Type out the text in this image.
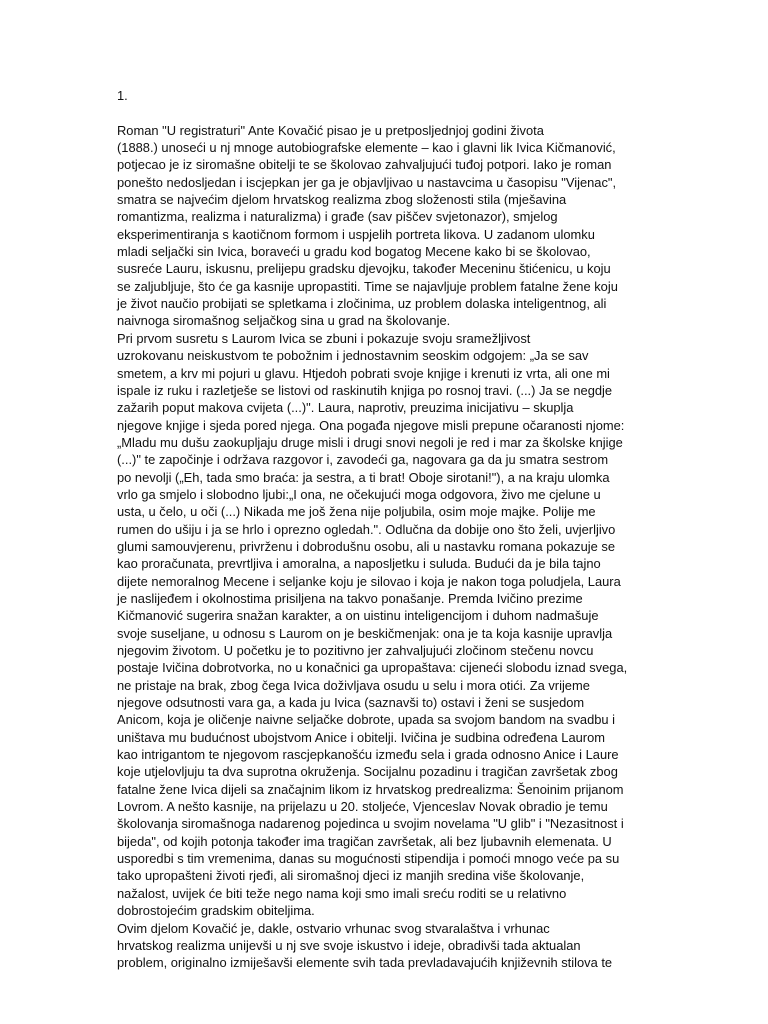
1.
Roman "U registraturi" Ante Kovačić pisao je u pretposljednjoj godini života
(1888.) unoseći u nj mnoge autobiografske elemente – kao i glavni lik Ivica Kičmanović,
potjecao je iz siromašne obitelji te se školovao zahvaljujući tuđoj potpori. Iako je roman
ponešto nedosljedan i iscjepkan jer ga je objavljivao u nastavcima u časopisu "Vijenac",
smatra se najvećim djelom hrvatskog realizma zbog složenosti stila (mješavina
romantizma, realizma i naturalizma) i građe (sav piščev svjetonazor), smjelog
eksperimentiranja s kaotičnom formom i uspjelih portreta likova. U zadanom ulomku
mladi seljački sin Ivica, boraveći u gradu kod bogatog Mecene kako bi se školovao,
susreće Lauru, iskusnu, prelijepu gradsku djevojku, također Meceninu štićenicu, u koju
se zaljubljuje, što će ga kasnije upropastiti. Time se najavljuje problem fatalne žene koju
je život naučio probijati se spletkama i zločinima, uz problem dolaska inteligentnog, ali
naivnoga siromašnog seljačkog sina u grad na školovanje.
Pri prvom susretu s Laurom Ivica se zbuni i pokazuje svoju sramežljivost
uzrokovanu neiskustvom te pobožnim i jednostavnim seoskim odgojem: „Ja se sav
smetem, a krv mi pojuri u glavu. Htjedoh pobrati svoje knjige i krenuti iz vrta, ali one mi
ispale iz ruku i razletješe se listovi od raskinutih knjiga po rosnoj travi. (...) Ja se negdje
zažarih poput makova cvijeta (...)". Laura, naprotiv, preuzima inicijativu – skuplja
njegove knjige i sjeda pored njega. Ona pogađa njegove misli prepune očaranosti njome:
„Mladu mu dušu zaokupljaju druge misli i drugi snovi negoli je red i mar za školske knjige
(...)" te započinje i održava razgovor i, zavodeći ga, nagovara ga da ju smatra sestrom
po nevolji („Eh, tada smo braća: ja sestra, a ti brat! Oboje sirotani!"), a na kraju ulomka
vrlo ga smjelo i slobodno ljubi:„I ona, ne očekujući moga odgovora, živo me cjelune u
usta, u čelo, u oči (...) Nikada me još žena nije poljubila, osim moje majke. Polije me
rumen do ušiju i ja se hrlo i oprezno ogledah.". Odlučna da dobije ono što želi, uvjerljivo
glumi samouvjerenu, privrženu i dobrodušnu osobu, ali u nastavku romana pokazuje se
kao proračunata, prevrtljiva i amoralna, a naposljetku i suluda. Budući da je bila tajno
dijete nemoralnog Mecene i seljanke koju je silovao i koja je nakon toga poludjela, Laura
je naslijeđem i okolnostima prisiljena na takvo ponašanje. Premda Ivičino prezime
Kičmanović sugerira snažan karakter, a on uistinu inteligencijom i duhom nadmašuje
svoje suseljane, u odnosu s Laurom on je beskičmenjak: ona je ta koja kasnije upravlja
njegovim životom. U početku je to pozitivno jer zahvaljujući zločinom stečenu novcu
postaje Ivičina dobrotvorka, no u konačnici ga upropaštava: cijeneći slobodu iznad svega,
ne pristaje na brak, zbog čega Ivica doživljava osudu u selu i mora otići. Za vrijeme
njegove odsutnosti vara ga, a kada ju Ivica (saznavši to) ostavi i ženi se susjedom
Anicom, koja je oličenje naivne seljačke dobrote, upada sa svojom bandom na svadbu i
uništava mu budućnost ubojstvom Anice i obitelji. Ivičina je sudbina određena Laurom
kao intrigantom te njegovom rascjepkanošću između sela i grada odnosno Anice i Laure
koje utjelovljuju ta dva suprotna okruženja. Socijalnu pozadinu i tragičan završetak zbog
fatalne žene Ivica dijeli sa značajnim likom iz hrvatskog predrealizma: Šenoinim prijanom
Lovrom. A nešto kasnije, na prijelazu u 20. stoljeće, Vjenceslav Novak obradio je temu
školovanja siromašnoga nadarenog pojedinca u svojim novelama "U glib" i "Nezasitnost i
bijeda", od kojih potonja također ima tragičan završetak, ali bez ljubavnih elemenata. U
usporedbi s tim vremenima, danas su mogućnosti stipendija i pomoći mnogo veće pa su
tako upropašteni životi rjeđi, ali siromašnoj djeci iz manjih sredina više školovanje,
nažalost, uvijek će biti teže nego nama koji smo imali sreću roditi se u relativno
dobrostojećim gradskim obiteljima.
Ovim djelom Kovačić je, dakle, ostvario vrhunac svog stvaralaštva i vrhunac
hrvatskog realizma unijevši u nj sve svoje iskustvo i ideje, obradivši tada aktualan
problem, originalno izmiješavši elemente svih tada prevladavajućih književnih stilova te
